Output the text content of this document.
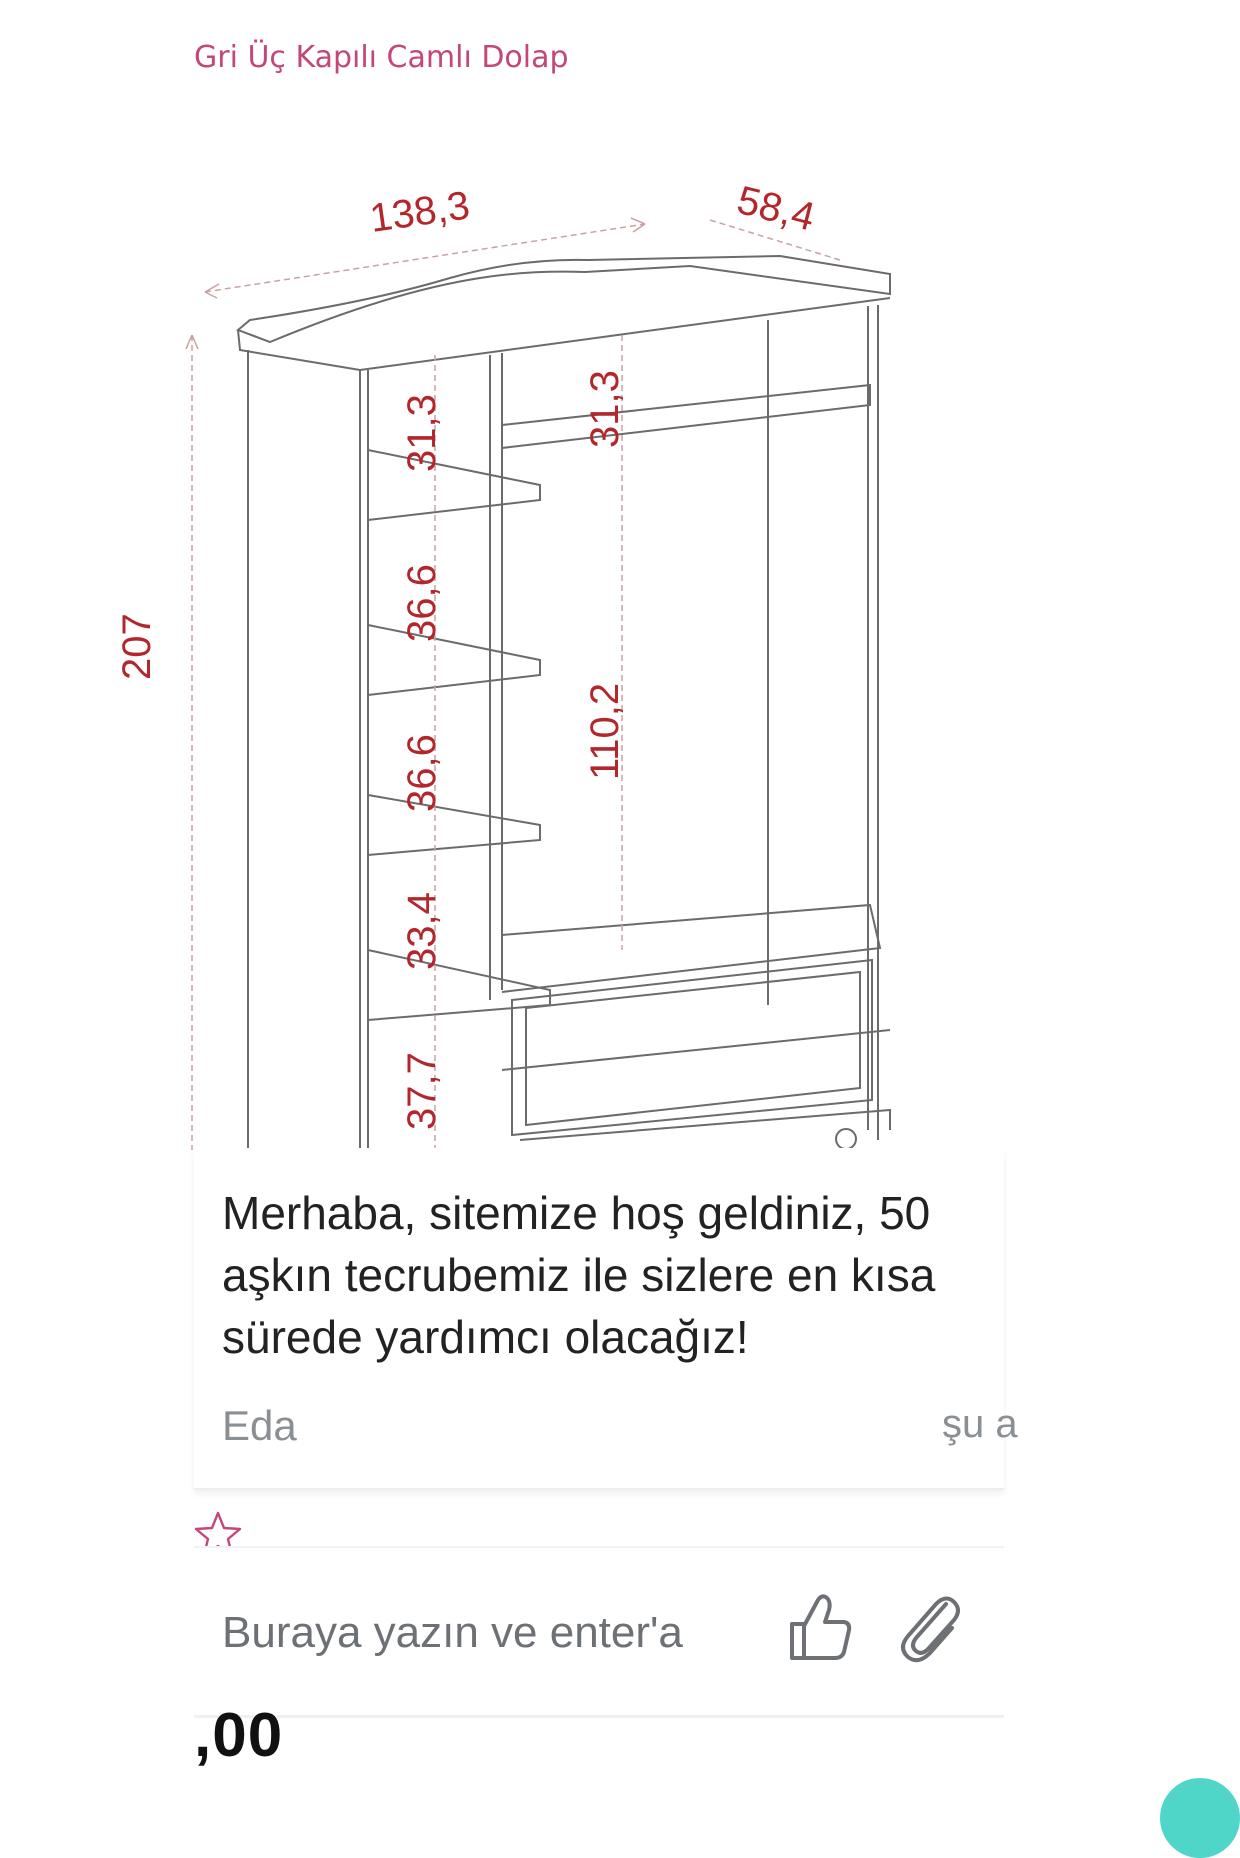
Gri Üç Kapılı Camlı Dolap
138,3	58,4
207
31,3
36,6
36,6
33,4
37,7
31,3
110,2
Merhaba, sitemize hoş geldiniz, 50
aşkın tecrubemiz ile sizlere en kısa
sürede yardımcı olacağız!
Eda	şu a
Buraya yazın ve enter'a
,00
